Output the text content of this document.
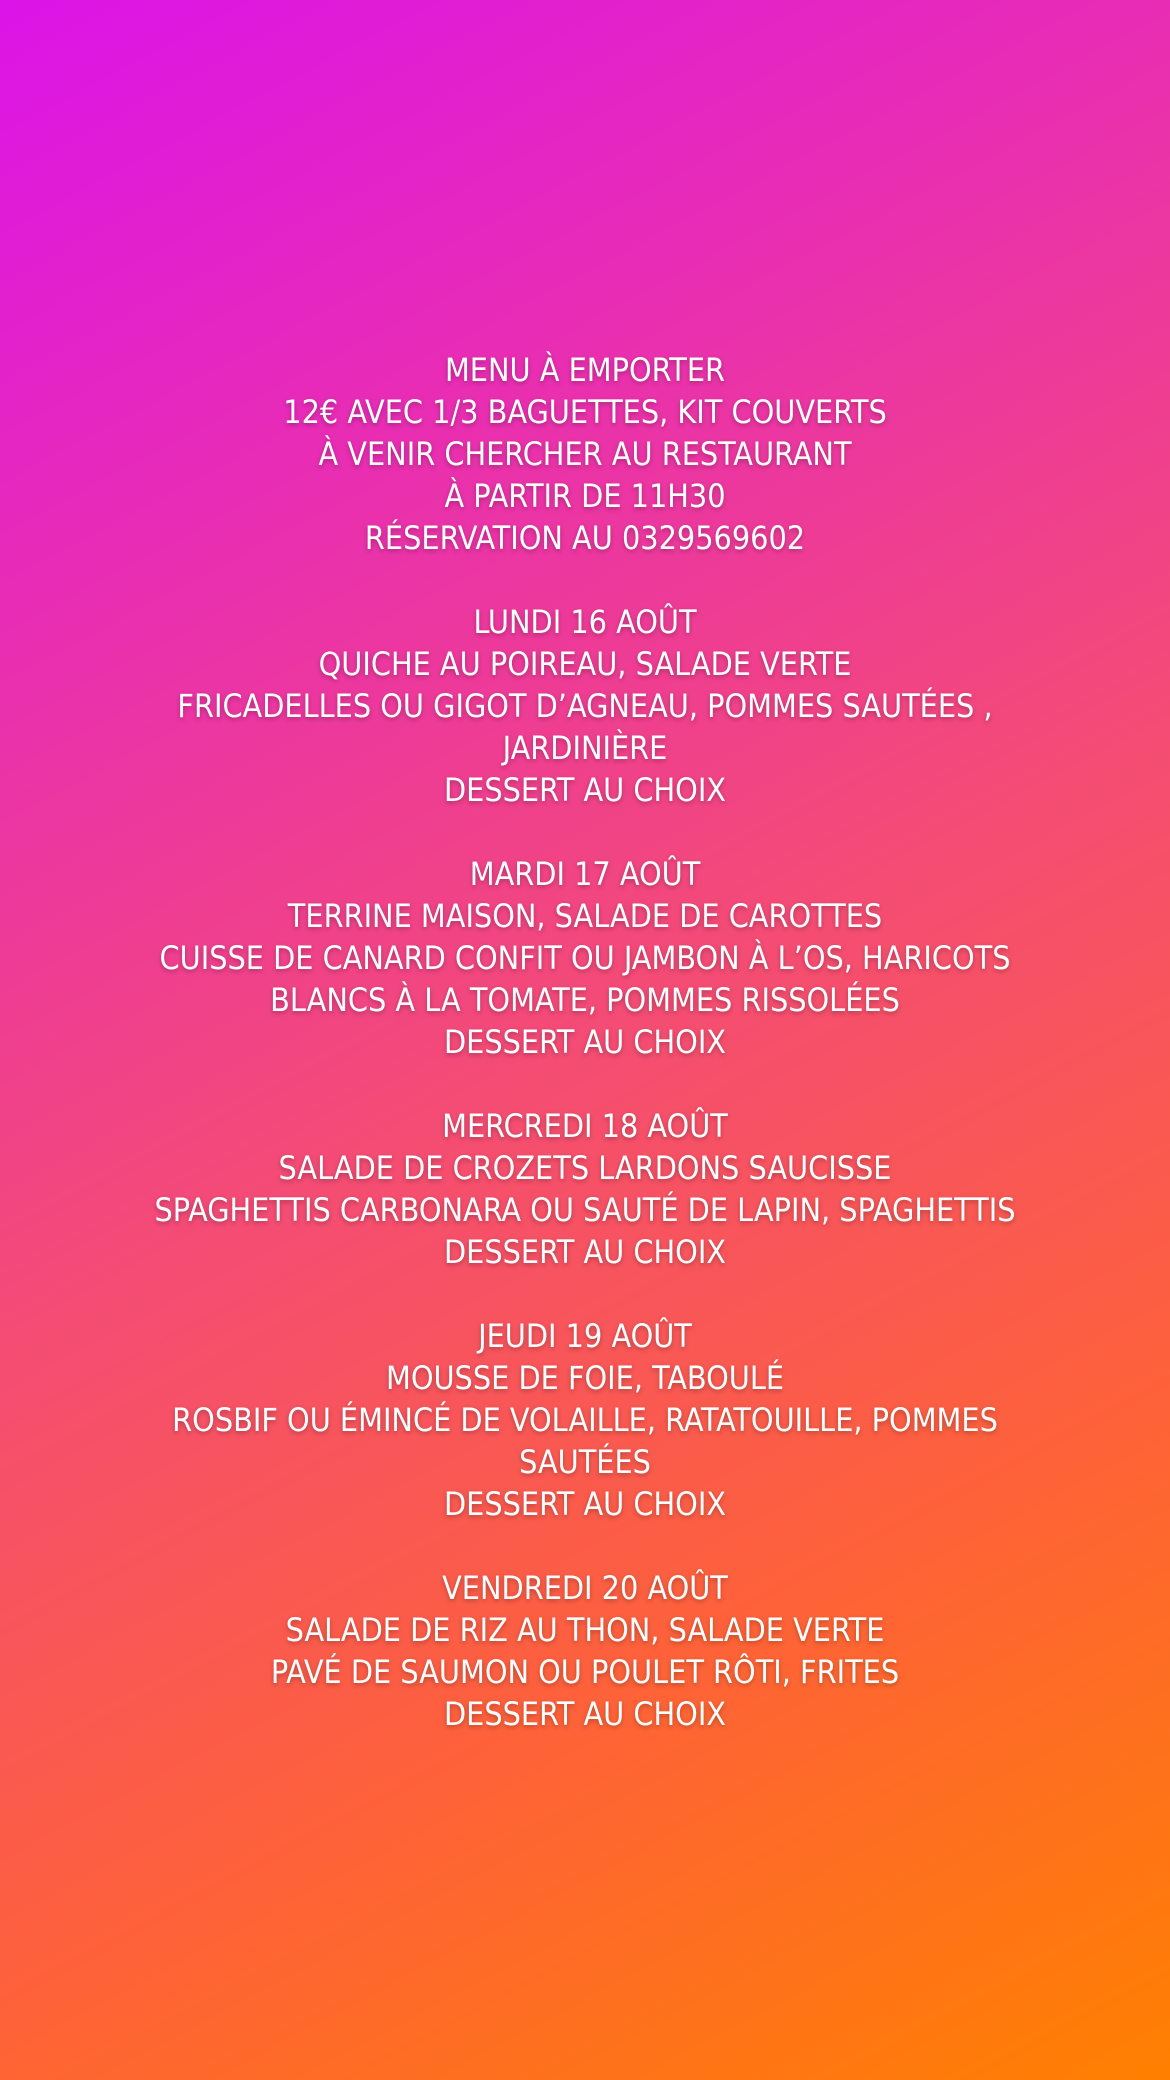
MENU À EMPORTER
12€ AVEC 1/3 BAGUETTES, KIT COUVERTS
À VENIR CHERCHER AU RESTAURANT
À PARTIR DE 11H30
RÉSERVATION AU 0329569602
LUNDI 16 AOÛT
QUICHE AU POIREAU, SALADE VERTE
FRICADELLES OU GIGOT D’AGNEAU, POMMES SAUTÉES ,
JARDINIÈRE
DESSERT AU CHOIX
MARDI 17 AOÛT
TERRINE MAISON, SALADE DE CAROTTES
CUISSE DE CANARD CONFIT OU JAMBON À L’OS, HARICOTS
BLANCS À LA TOMATE, POMMES RISSOLÉES
DESSERT AU CHOIX
MERCREDI 18 AOÛT
SALADE DE CROZETS LARDONS SAUCISSE
SPAGHETTIS CARBONARA OU SAUTÉ DE LAPIN, SPAGHETTIS
DESSERT AU CHOIX
JEUDI 19 AOÛT
MOUSSE DE FOIE, TABOULÉ
ROSBIF OU ÉMINCÉ DE VOLAILLE, RATATOUILLE, POMMES
SAUTÉES
DESSERT AU CHOIX
VENDREDI 20 AOÛT
SALADE DE RIZ AU THON, SALADE VERTE
PAVÉ DE SAUMON OU POULET RÔTI, FRITES
DESSERT AU CHOIX
